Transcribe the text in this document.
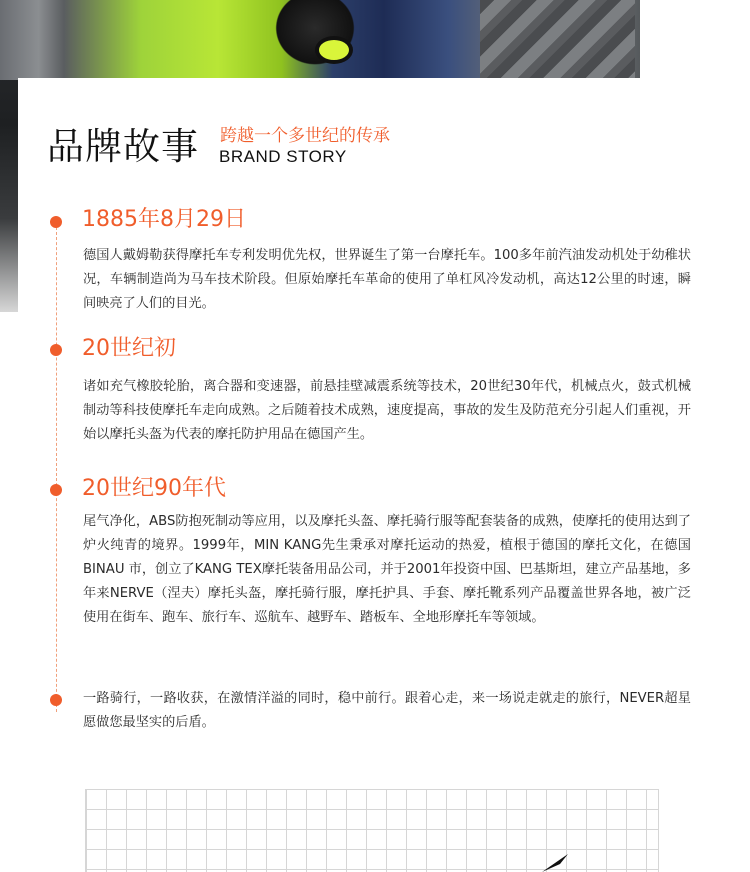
品牌故事 跨越一个多世纪的传承
BRAND STORY
1885年8月29日
德国人戴姆勒获得摩托车专利发明优先权，世界诞生了第一台摩托车。100多年前汽油发动机处于幼稚状况，车辆制造尚为马车技术阶段。但原始摩托车革命的使用了单杠风冷发动机，高达12公里的时速，瞬间映亮了人们的目光。
20世纪初
诸如充气橡胶轮胎，离合器和变速器，前悬挂壁减震系统等技术，20世纪30年代，机械点火，鼓式机械制动等科技使摩托车走向成熟。之后随着技术成熟，速度提高，事故的发生及防范充分引起人们重视，开始以摩托头盔为代表的摩托防护用品在德国产生。
20世纪90年代
尾气净化，ABS防抱死制动等应用，以及摩托头盔、摩托骑行服等配套装备的成熟，使摩托的使用达到了炉火纯青的境界。1999年，MIN KANG先生秉承对摩托运动的热爱，植根于德国的摩托文化，在德国BINAU 市，创立了KANG TEX摩托装备用品公司，并于2001年投资中国、巴基斯坦，建立产品基地，多年来NERVE（涅夫）摩托头盔，摩托骑行服，摩托护具、手套、摩托靴系列产品覆盖世界各地，被广泛使用在街车、跑车、旅行车、巡航车、越野车、踏板车、全地形摩托车等领域。
一路骑行，一路收获，在激情洋溢的同时，稳中前行。跟着心走，来一场说走就走的旅行，NEVER超星愿做您最坚实的后盾。
